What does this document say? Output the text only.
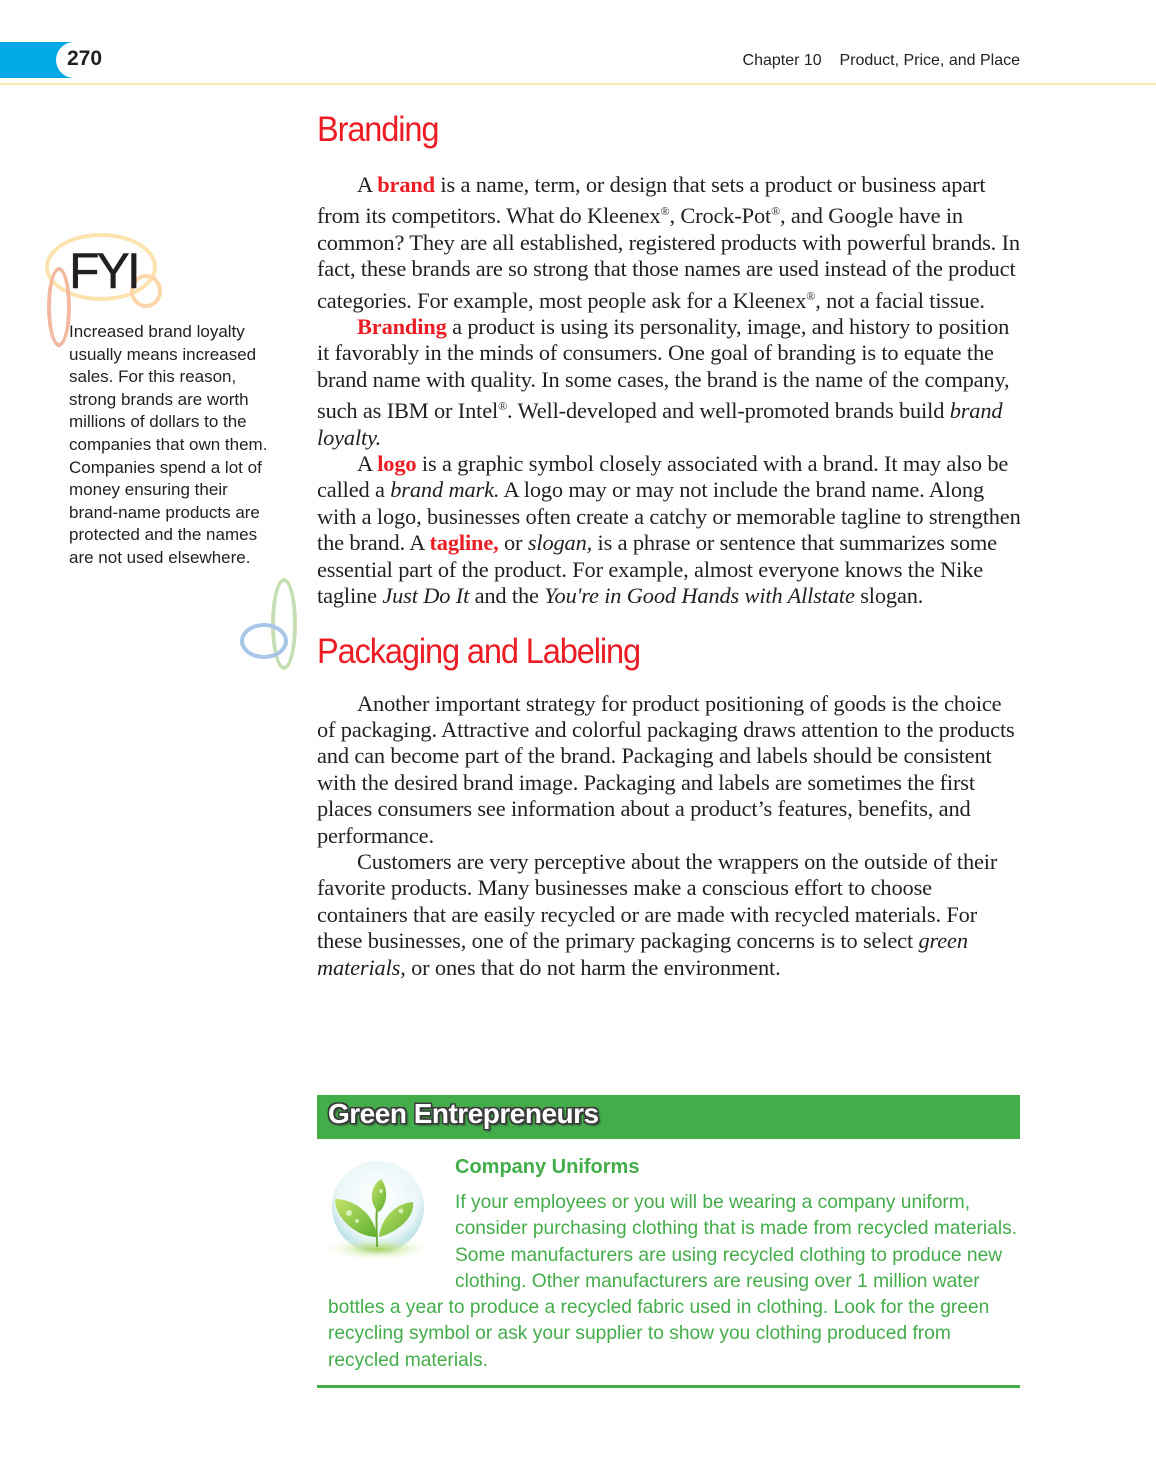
270	Chapter 10    Product, Price, and Place
FYI
Increased brand loyalty usually means increased sales. For this reason, strong brands are worth millions of dollars to the companies that own them. Companies spend a lot of money ensuring their brand-name products are protected and the names are not used elsewhere.
Branding

A brand is a name, term, or design that sets a product or business apart from its competitors. What do Kleenex®, Crock-Pot®, and Google have in common? They are all established, registered products with powerful brands. In fact, these brands are so strong that those names are used instead of the product categories. For example, most people ask for a Kleenex®, not a facial tissue.

Branding a product is using its personality, image, and history to position it favorably in the minds of consumers. One goal of branding is to equate the brand name with quality. In some cases, the brand is the name of the company, such as IBM or Intel®. Well-developed and well-promoted brands build brand loyalty.

A logo is a graphic symbol closely associated with a brand. It may also be called a brand mark. A logo may or may not include the brand name. Along with a logo, businesses often create a catchy or memorable tagline to strengthen the brand. A tagline, or slogan, is a phrase or sentence that summarizes some essential part of the product. For example, almost everyone knows the Nike tagline Just Do It and the You're in Good Hands with Allstate slogan.

Packaging and Labeling

Another important strategy for product positioning of goods is the choice of packaging. Attractive and colorful packaging draws attention to the products and can become part of the brand. Packaging and labels should be consistent with the desired brand image. Packaging and labels are sometimes the first places consumers see information about a product’s features, benefits, and performance.

Customers are very perceptive about the wrappers on the outside of their favorite products. Many businesses make a conscious effort to choose containers that are easily recycled or are made with recycled materials. For these businesses, one of the primary packaging concerns is to select green materials, or ones that do not harm the environment.

Green Entrepreneurs
Company Uniforms

If your employees or you will be wearing a company uniform, consider purchasing clothing that is made from recycled materials. Some manufacturers are using recycled clothing to produce new clothing. Other manufacturers are reusing over 1 million water bottles a year to produce a recycled fabric used in clothing. Look for the green recycling symbol or ask your supplier to show you clothing produced from recycled materials.
